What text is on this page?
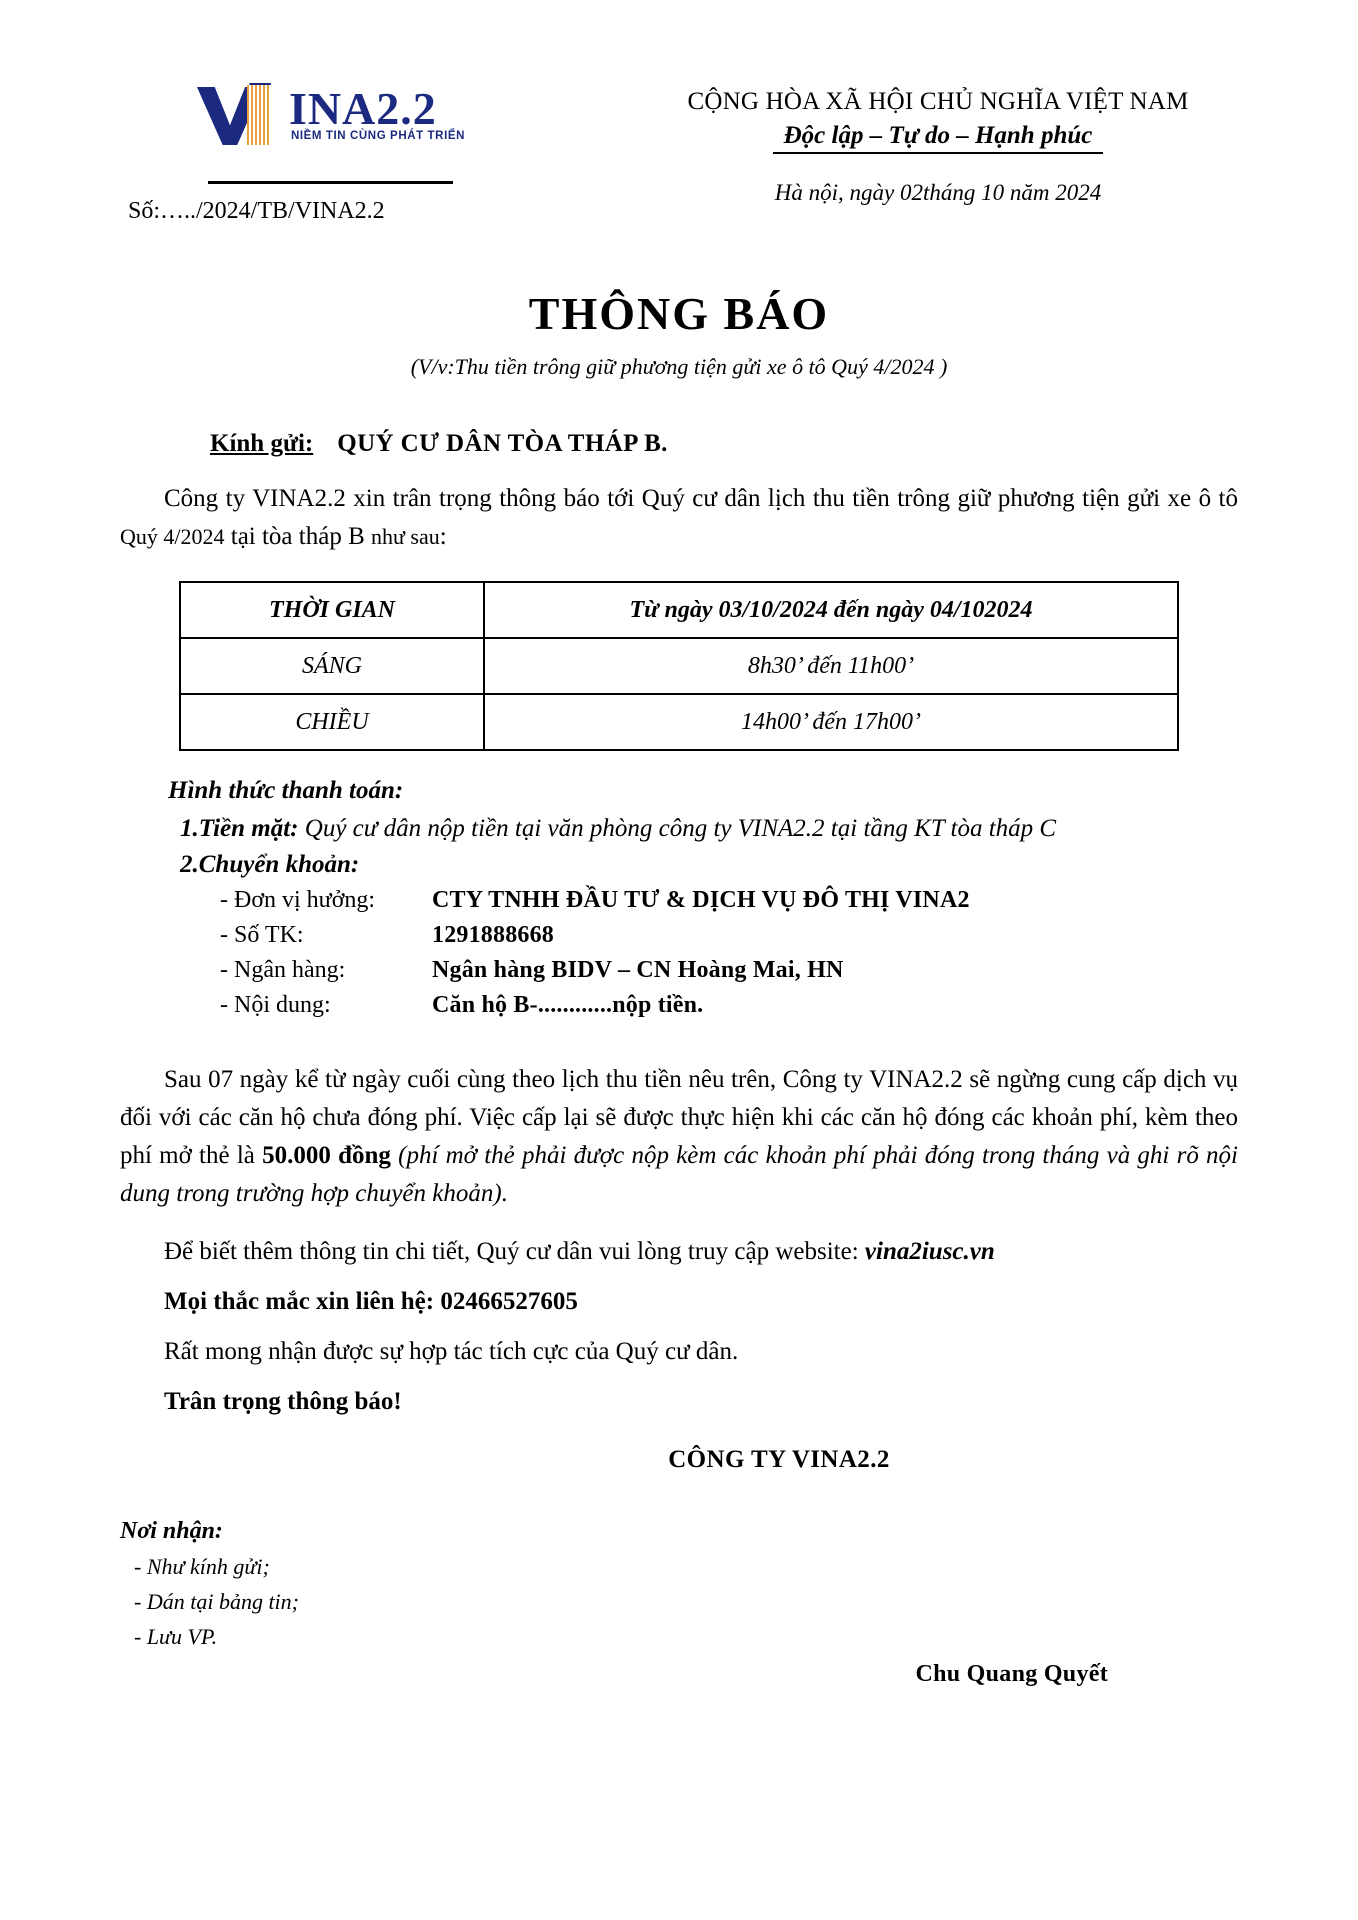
INA2.2
NIỀM TIN CÙNG PHÁT TRIỂN
Số:…../2024/TB/VINA2.2
CỘNG HÒA XÃ HỘI CHỦ NGHĨA VIỆT NAM
Độc lập – Tự do – Hạnh phúc
Hà nội, ngày 02tháng 10 năm 2024
THÔNG BÁO
(V/v:Thu tiền trông giữ phương tiện gửi xe ô tô Quý 4/2024 )
Kính gửi: QUÝ CƯ DÂN TÒA THÁP B.

Công ty VINA2.2 xin trân trọng thông báo tới Quý cư dân lịch thu tiền trông giữ phương tiện gửi xe ô tô Quý 4/2024 tại tòa tháp B như sau:

THỜI GIAN	Từ ngày 03/10/2024 đến ngày 04/102024
SÁNG	8h30’ đến 11h00’
CHIỀU	14h00’ đến 17h00’
Hình thức thanh toán:
1.Tiền mặt: Quý cư dân nộp tiền tại văn phòng công ty VINA2.2 tại tầng KT tòa tháp C
2.Chuyển khoản:
- Đơn vị hưởng:	CTY TNHH ĐẦU TƯ & DỊCH VỤ ĐÔ THỊ VINA2
- Số TK:	1291888668
- Ngân hàng:	Ngân hàng BIDV – CN Hoàng Mai, HN
- Nội dung:	Căn hộ B-............nộp tiền.

Sau 07 ngày kể từ ngày cuối cùng theo lịch thu tiền nêu trên, Công ty VINA2.2 sẽ ngừng cung cấp dịch vụ đối với các căn hộ chưa đóng phí. Việc cấp lại sẽ được thực hiện khi các căn hộ đóng các khoản phí, kèm theo phí mở thẻ là 50.000 đồng (phí mở thẻ phải được nộp kèm các khoản phí phải đóng trong tháng và ghi rõ nội dung trong trường hợp chuyển khoản).

Để biết thêm thông tin chi tiết, Quý cư dân vui lòng truy cập website: vina2iusc.vn
Mọi thắc mắc xin liên hệ: 02466527605
Rất mong nhận được sự hợp tác tích cực của Quý cư dân.
Trân trọng thông báo!
CÔNG TY VINA2.2
Nơi nhận:
- Như kính gửi;
- Dán tại bảng tin;
- Lưu VP.
Chu Quang Quyết
